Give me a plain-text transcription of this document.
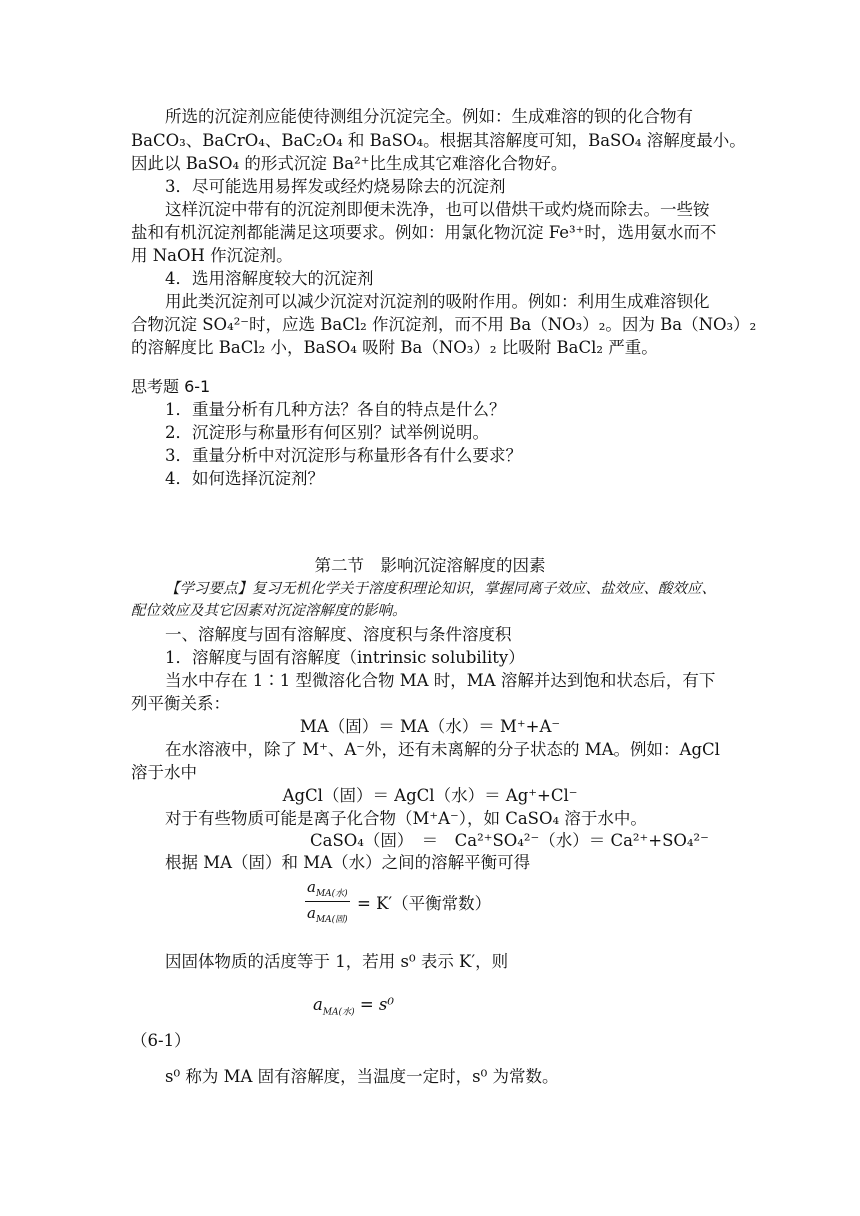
所选的沉淀剂应能使待测组分沉淀完全。例如：生成难溶的钡的化合物有
BaCO₃、BaCrO₄、BaC₂O₄ 和 BaSO₄。根据其溶解度可知，BaSO₄ 溶解度最小。
因此以 BaSO₄ 的形式沉淀 Ba²⁺比生成其它难溶化合物好。
3．尽可能选用易挥发或经灼烧易除去的沉淀剂
这样沉淀中带有的沉淀剂即便未洗净，也可以借烘干或灼烧而除去。一些铵
盐和有机沉淀剂都能满足这项要求。例如：用氯化物沉淀 Fe³⁺时，选用氨水而不
用 NaOH 作沉淀剂。
4．选用溶解度较大的沉淀剂
用此类沉淀剂可以减少沉淀对沉淀剂的吸附作用。例如：利用生成难溶钡化
合物沉淀 SO₄²⁻时，应选 BaCl₂ 作沉淀剂，而不用 Ba（NO₃）₂。因为 Ba（NO₃）₂
的溶解度比 BaCl₂ 小，BaSO₄ 吸附 Ba（NO₃）₂ 比吸附 BaCl₂ 严重。
思考题 6-1
1．重量分析有几种方法？各自的特点是什么？
2．沉淀形与称量形有何区别？试举例说明。
3．重量分析中对沉淀形与称量形各有什么要求？
4．如何选择沉淀剂？
第二节　影响沉淀溶解度的因素
【学习要点】复习无机化学关于溶度积理论知识，掌握同离子效应、盐效应、酸效应、
配位效应及其它因素对沉淀溶解度的影响。
一、溶解度与固有溶解度、溶度积与条件溶度积
1．溶解度与固有溶解度（intrinsic solubility）
当水中存在 1∶1 型微溶化合物 MA 时，MA 溶解并达到饱和状态后，有下
列平衡关系：
MA（固）＝ MA（水）＝ M⁺+A⁻
在水溶液中，除了 M⁺、A⁻外，还有未离解的分子状态的 MA。例如：AgCl
溶于水中
AgCl（固）＝ AgCl（水）＝ Ag⁺+Cl⁻
对于有些物质可能是离子化合物（M⁺A⁻），如 CaSO₄ 溶于水中。
CaSO₄（固）　＝　Ca²⁺SO₄²⁻（水）＝ Ca²⁺+SO₄²⁻
根据 MA（固）和 MA（水）之间的溶解平衡可得
$a_{MA(水)}$
$a_{MA(固)}$
= K′（平衡常数）
因固体物质的活度等于 1，若用 s⁰ 表示 K′，则
$a_{MA(水)} = s^0$
（6-1）
s⁰ 称为 MA 固有溶解度，当温度一定时，s⁰ 为常数。
